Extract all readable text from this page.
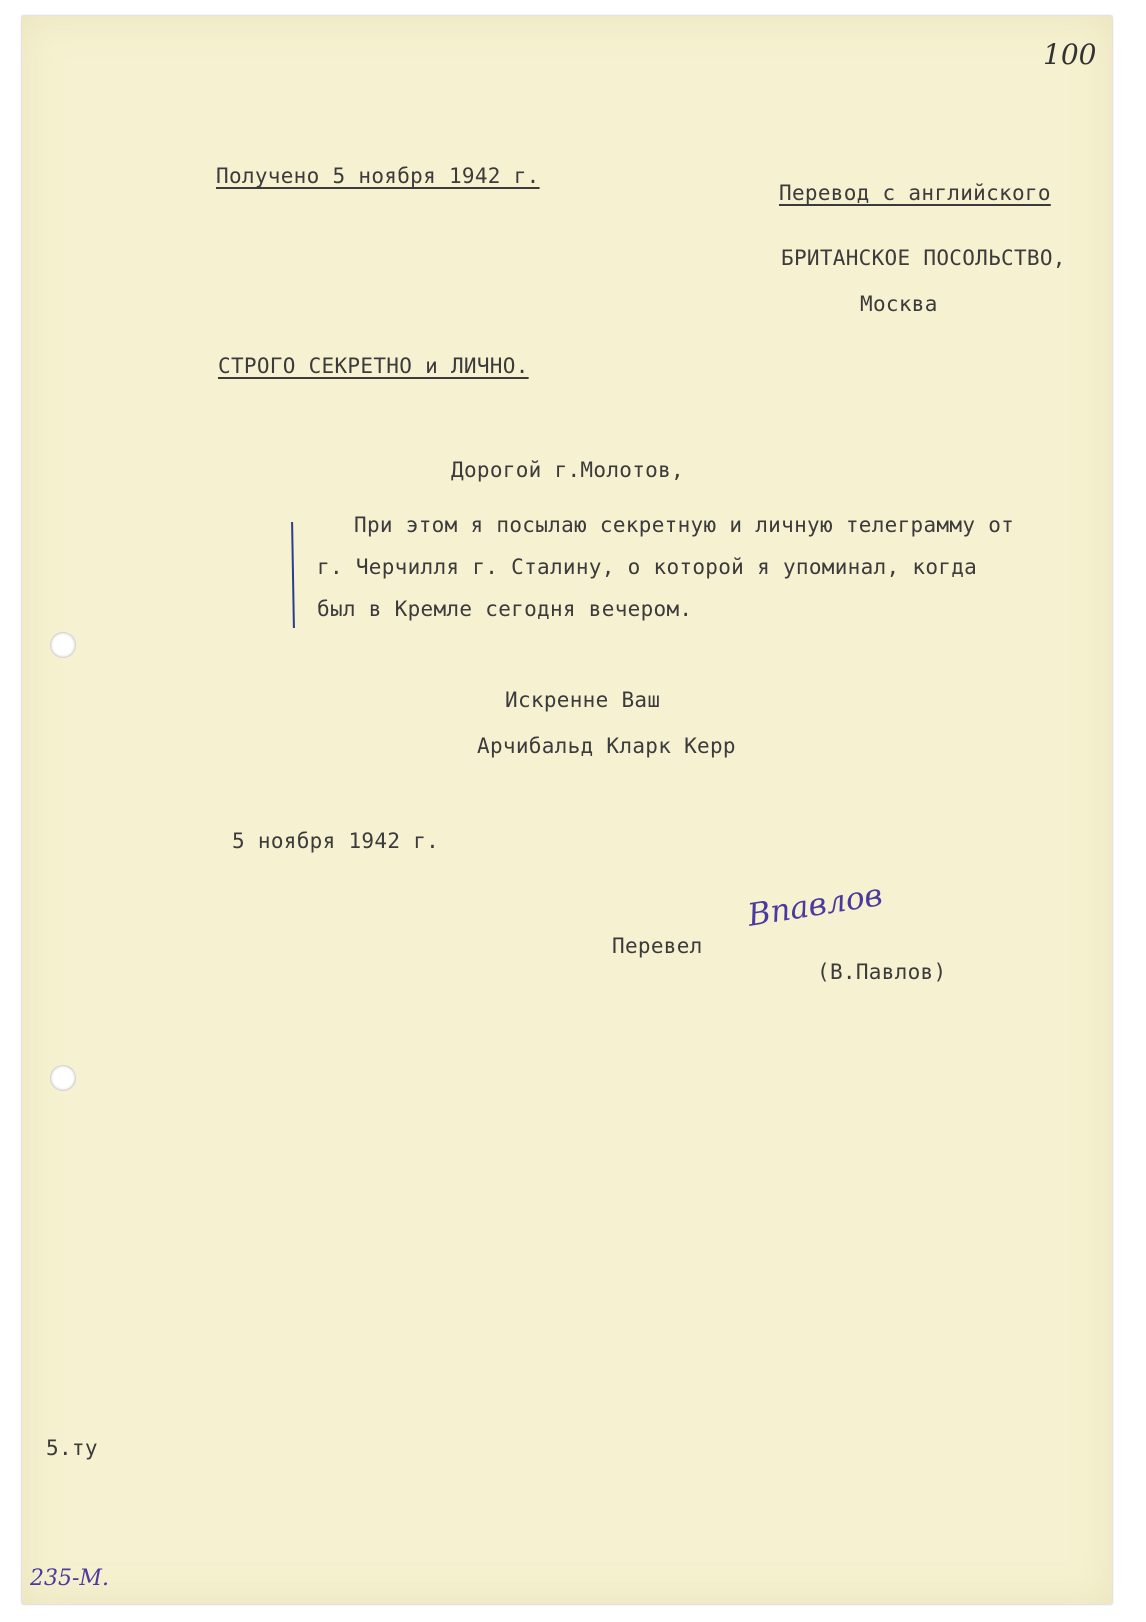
100
Получено 5 ноября 1942 г.
Перевод с английского
БРИТАНСКОЕ ПОСОЛЬСТВО,
Москва
СТРОГО СЕКРЕТНО и ЛИЧНО.
Дорогой г.Молотов,
При этом я посылаю секретную и личную телеграмму от
г. Черчилля г. Сталину, о которой я упоминал, когда
был в Кремле сегодня вечером.
Искренне Ваш
Арчибальд Кларк Керр
5 ноября 1942 г.
Перевел
Впавлов
(В.Павлов)
5.ту
235-М.
